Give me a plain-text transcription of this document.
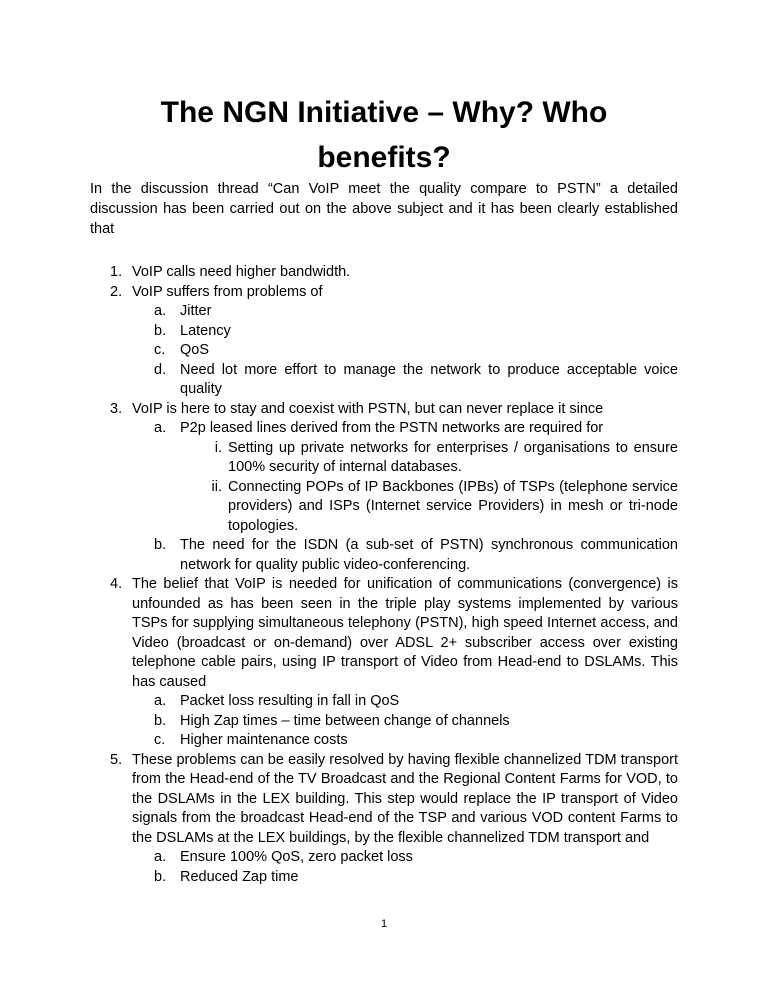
The NGN Initiative – Why? Who benefits?

In the discussion thread “Can VoIP meet the quality compare to PSTN” a detailed discussion has been carried out on the above subject and it has been clearly established that

1. VoIP calls need higher bandwidth.
2. VoIP suffers from problems of
a. Jitter
b. Latency
c. QoS
d. Need lot more effort to manage the network to produce acceptable voice quality
3. VoIP is here to stay and coexist with PSTN, but can never replace it since
a. P2p leased lines derived from the PSTN networks are required for
i. Setting up private networks for enterprises / organisations to ensure 100% security of internal databases.
ii. Connecting POPs of IP Backbones (IPBs) of TSPs (telephone service providers) and ISPs (Internet service Providers) in mesh or tri-node topologies.
b. The need for the ISDN (a sub-set of PSTN) synchronous communication network for quality public video-conferencing.
4. The belief that VoIP is needed for unification of communications (convergence) is unfounded as has been seen in the triple play systems implemented by various TSPs for supplying simultaneous telephony (PSTN), high speed Internet access, and Video (broadcast or on-demand) over ADSL 2+ subscriber access over existing telephone cable pairs, using IP transport of Video from Head-end to DSLAMs. This has caused
a. Packet loss resulting in fall in QoS
b. High Zap times – time between change of channels
c. Higher maintenance costs
5. These problems can be easily resolved by having flexible channelized TDM transport from the Head-end of the TV Broadcast and the Regional Content Farms for VOD, to the DSLAMs in the LEX building. This step would replace the IP transport of Video signals from the broadcast Head-end of the TSP and various VOD content Farms to the DSLAMs at the LEX buildings, by the flexible channelized TDM transport and
a. Ensure 100% QoS, zero packet loss
b. Reduced Zap time
1
